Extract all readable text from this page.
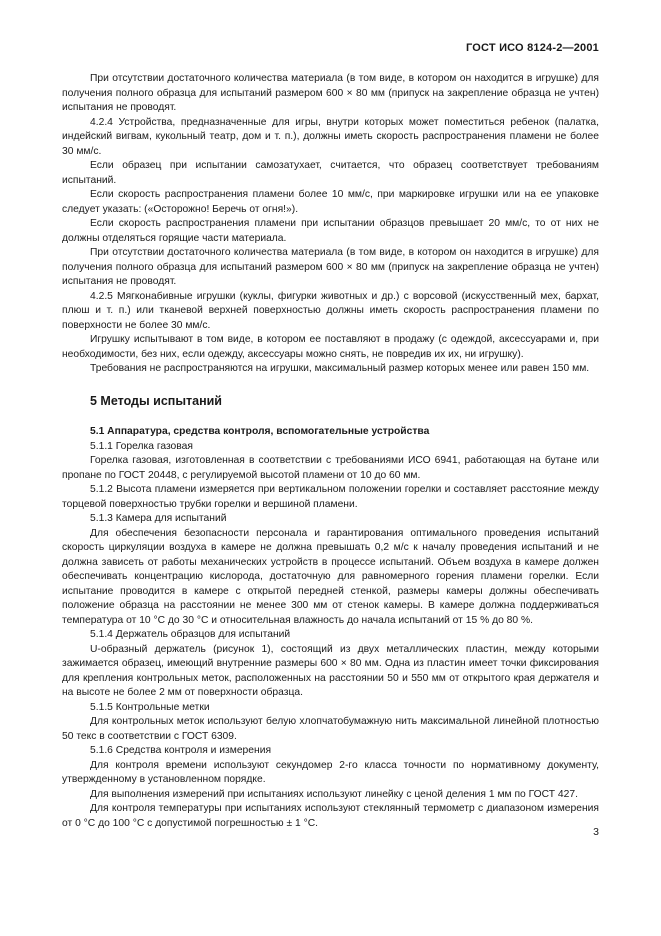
ГОСТ ИСО 8124-2—2001

При отсутствии достаточного количества материала (в том виде, в котором он находится в игрушке) для получения полного образца для испытаний размером 600 × 80 мм (припуск на закрепление образца не учтен) испытания не проводят.

4.2.4 Устройства, предназначенные для игры, внутри которых может поместиться ребенок (палатка, индейский вигвам, кукольный театр, дом и т. п.), должны иметь скорость распространения пламени не более 30 мм/с.

Если образец при испытании самозатухает, считается, что образец соответствует требованиям испытаний.

Если скорость распространения пламени более 10 мм/с, при маркировке игрушки или на ее упаковке следует указать: («Осторожно! Беречь от огня!»).

Если скорость распространения пламени при испытании образцов превышает 20 мм/с, то от них не должны отделяться горящие части материала.

При отсутствии достаточного количества материала (в том виде, в котором он находится в игрушке) для получения полного образца для испытаний размером 600 × 80 мм (припуск на закрепление образца не учтен) испытания не проводят.

4.2.5 Мягконабивные игрушки (куклы, фигурки животных и др.) с ворсовой (искусственный мех, бархат, плюш и т. п.) или тканевой верхней поверхностью должны иметь скорость распространения пламени по поверхности не более 30 мм/с.

Игрушку испытывают в том виде, в котором ее поставляют в продажу (с одеждой, аксессуарами и, при необходимости, без них, если одежду, аксессуары можно снять, не повредив их их, ни игрушку).

Требования не распространяются на игрушки, максимальный размер которых менее или равен 150 мм.

5 Методы испытаний

5.1 Аппаратура, средства контроля, вспомогательные устройства

5.1.1 Горелка газовая

Горелка газовая, изготовленная в соответствии с требованиями ИСО 6941, работающая на бутане или пропане по ГОСТ 20448, с регулируемой высотой пламени от 10 до 60 мм.

5.1.2 Высота пламени измеряется при вертикальном положении горелки и составляет расстояние между торцевой поверхностью трубки горелки и вершиной пламени.

5.1.3 Камера для испытаний

Для обеспечения безопасности персонала и гарантирования оптимального проведения испытаний скорость циркуляции воздуха в камере не должна превышать 0,2 м/с к началу проведения испытаний и не должна зависеть от работы механических устройств в процессе испытаний. Объем воздуха в камере должен обеспечивать концентрацию кислорода, достаточную для равномерного горения пламени горелки. Если испытание проводится в камере с открытой передней стенкой, размеры камеры должны обеспечивать положение образца на расстоянии не менее 300 мм от стенок камеры. В камере должна поддерживаться температура от 10 °С до 30 °С и относительная влажность до начала испытаний от 15 % до 80 %.

5.1.4 Держатель образцов для испытаний

U-образный держатель (рисунок 1), состоящий из двух металлических пластин, между которыми зажимается образец, имеющий внутренние размеры 600 × 80 мм. Одна из пластин имеет точки фиксирования для крепления контрольных меток, расположенных на расстоянии 50 и 550 мм от открытого края держателя и на высоте не более 2 мм от поверхности образца.

5.1.5 Контрольные метки

Для контрольных меток используют белую хлопчатобумажную нить максимальной линейной плотностью 50 текс в соответствии с ГОСТ 6309.

5.1.6 Средства контроля и измерения

Для контроля времени используют секундомер 2-го класса точности по нормативному документу, утвержденному в установленном порядке.

Для выполнения измерений при испытаниях используют линейку с ценой деления 1 мм по ГОСТ 427.

Для контроля температуры при испытаниях используют стеклянный термометр с диапазоном измерения от 0 °С до 100 °С с допустимой погрешностью ± 1 °С.

3
